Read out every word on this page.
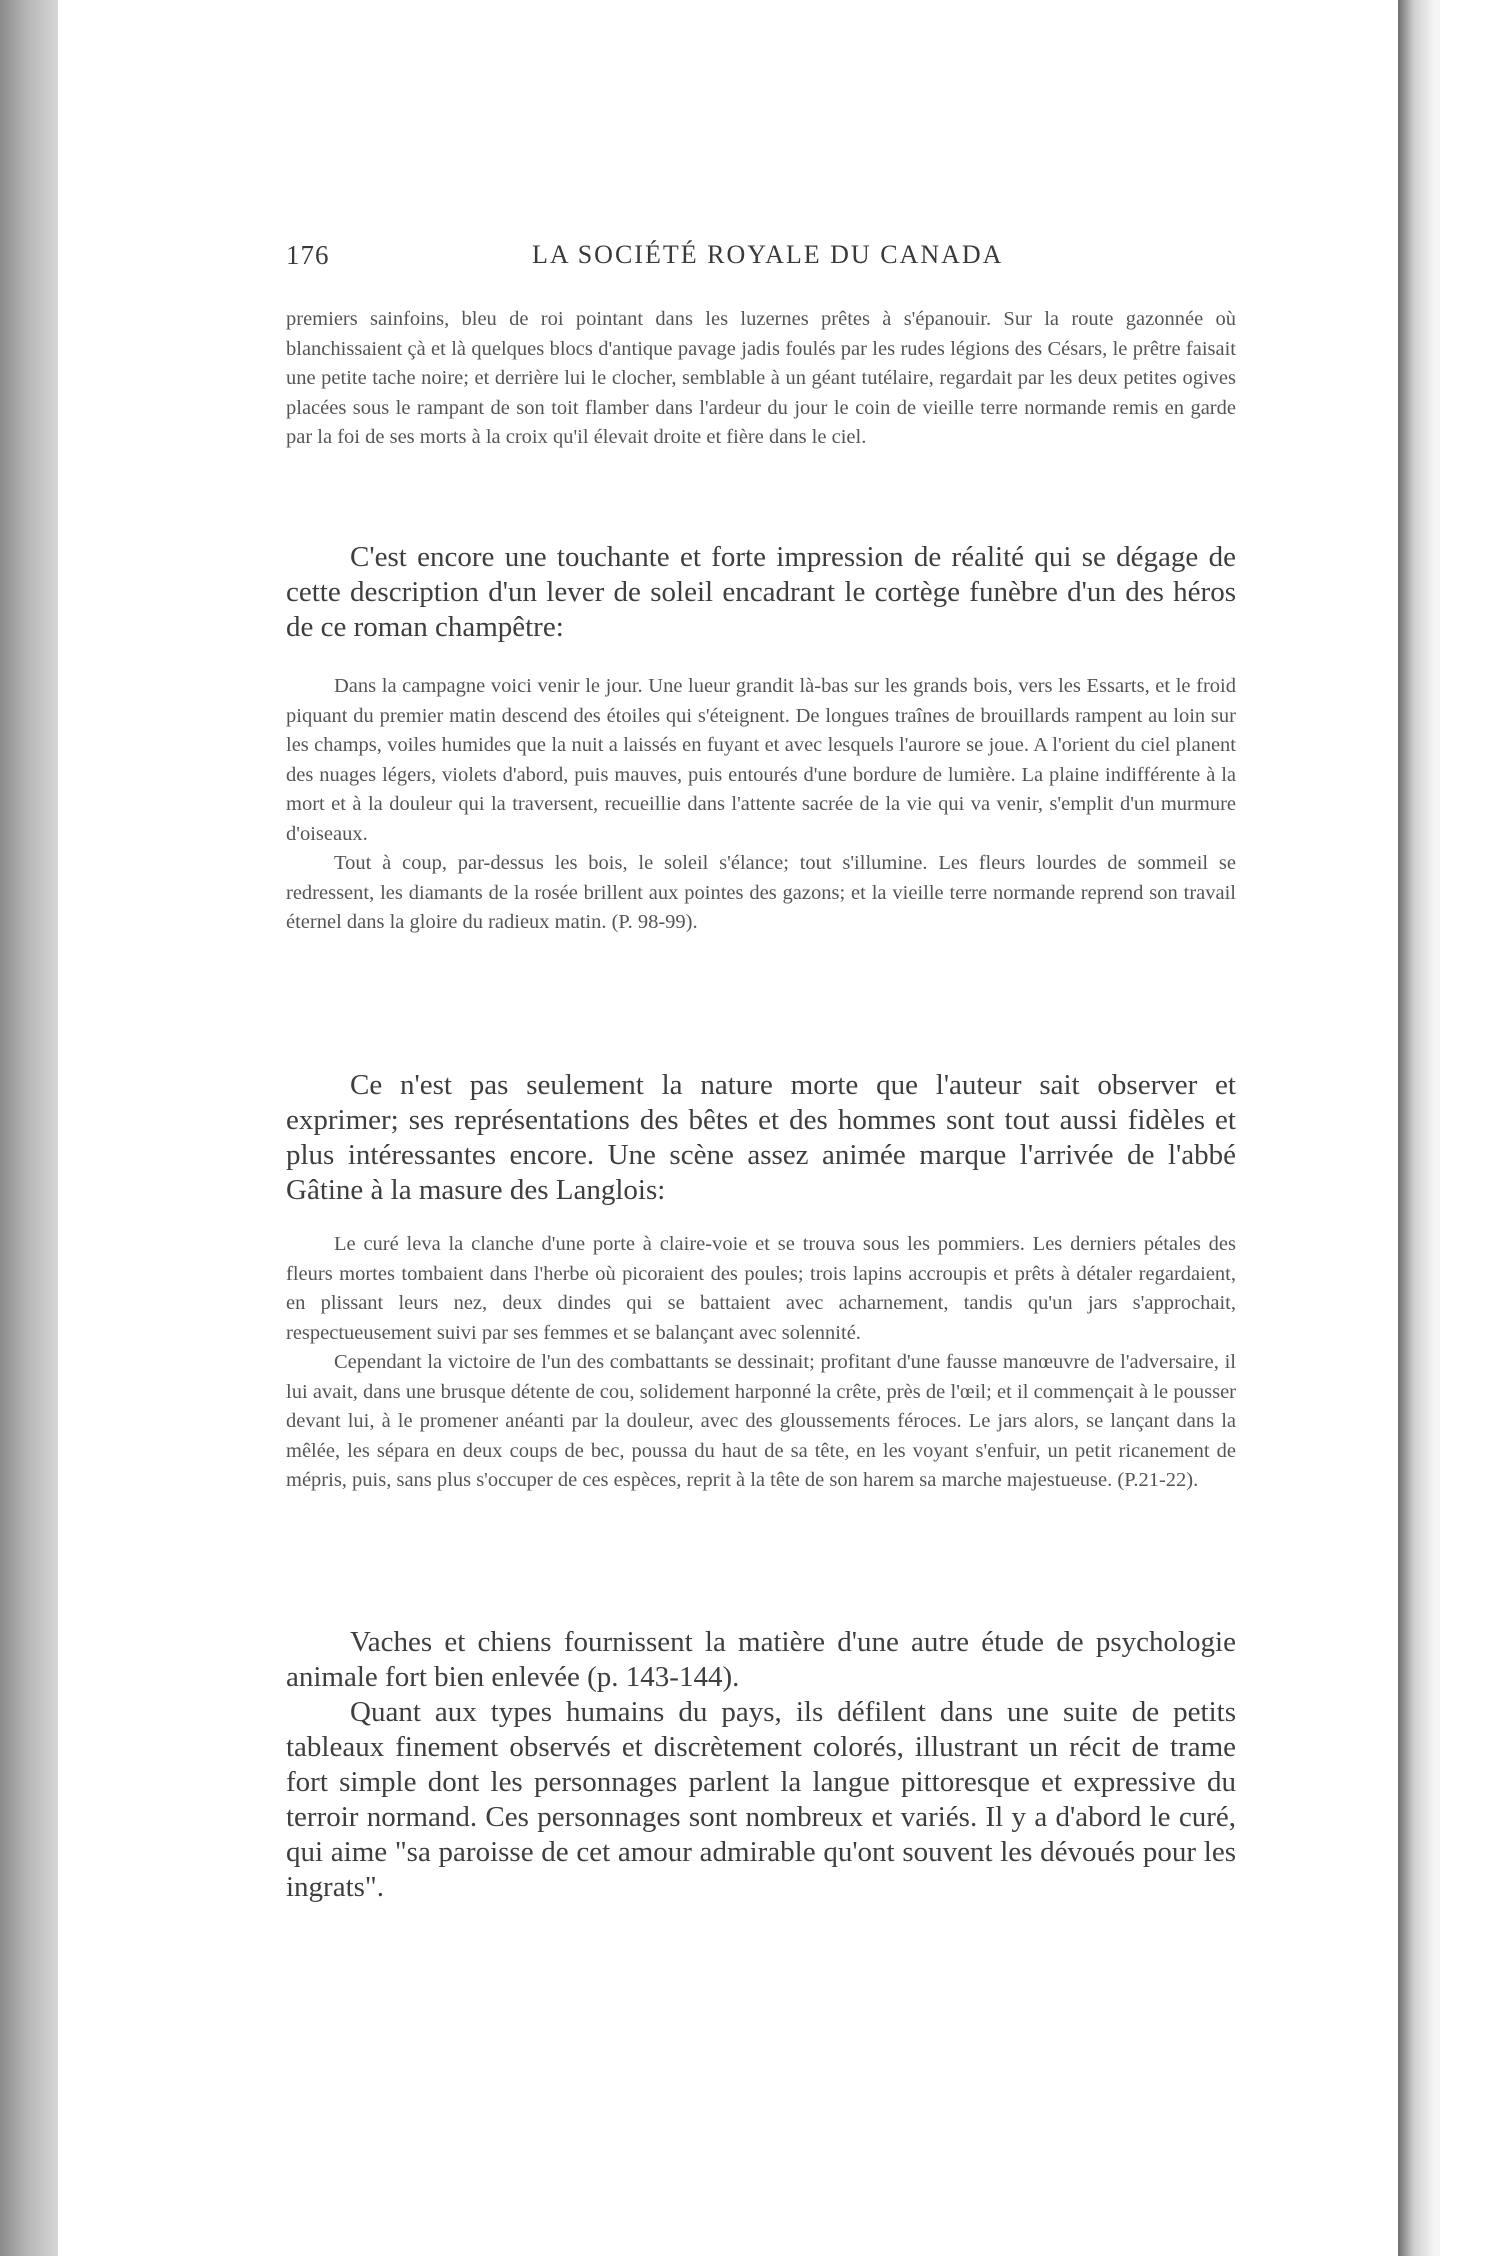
176	LA SOCIÉTÉ ROYALE DU CANADA

premiers sainfoins, bleu de roi pointant dans les luzernes prêtes à s'épanouir. Sur la route gazonnée où blanchissaient çà et là quelques blocs d'antique pavage jadis foulés par les rudes légions des Césars, le prêtre faisait une petite tache noire; et derrière lui le clocher, semblable à un géant tutélaire, regardait par les deux petites ogives placées sous le rampant de son toit flamber dans l'ardeur du jour le coin de vieille terre normande remis en garde par la foi de ses morts à la croix qu'il élevait droite et fière dans le ciel.

C'est encore une touchante et forte impression de réalité qui se dégage de cette description d'un lever de soleil encadrant le cortège funèbre d'un des héros de ce roman champêtre:

Dans la campagne voici venir le jour. Une lueur grandit là-bas sur les grands bois, vers les Essarts, et le froid piquant du premier matin descend des étoiles qui s'éteignent. De longues traînes de brouillards rampent au loin sur les champs, voiles humides que la nuit a laissés en fuyant et avec lesquels l'aurore se joue. A l'orient du ciel planent des nuages légers, violets d'abord, puis mauves, puis entourés d'une bordure de lumière. La plaine indifférente à la mort et à la douleur qui la traversent, recueillie dans l'attente sacrée de la vie qui va venir, s'emplit d'un murmure d'oiseaux.

Tout à coup, par-dessus les bois, le soleil s'élance; tout s'illumine. Les fleurs lourdes de sommeil se redressent, les diamants de la rosée brillent aux pointes des gazons; et la vieille terre normande reprend son travail éternel dans la gloire du radieux matin. (P. 98-99).

Ce n'est pas seulement la nature morte que l'auteur sait observer et exprimer; ses représentations des bêtes et des hommes sont tout aussi fidèles et plus intéressantes encore. Une scène assez animée marque l'arrivée de l'abbé Gâtine à la masure des Langlois:

Le curé leva la clanche d'une porte à claire-voie et se trouva sous les pommiers. Les derniers pétales des fleurs mortes tombaient dans l'herbe où picoraient des poules; trois lapins accroupis et prêts à détaler regardaient, en plissant leurs nez, deux dindes qui se battaient avec acharnement, tandis qu'un jars s'approchait, respectueusement suivi par ses femmes et se balançant avec solennité.

Cependant la victoire de l'un des combattants se dessinait; profitant d'une fausse manœuvre de l'adversaire, il lui avait, dans une brusque détente de cou, solidement harponné la crête, près de l'œil; et il commençait à le pousser devant lui, à le promener anéanti par la douleur, avec des gloussements féroces. Le jars alors, se lançant dans la mêlée, les sépara en deux coups de bec, poussa du haut de sa tête, en les voyant s'enfuir, un petit ricanement de mépris, puis, sans plus s'occuper de ces espèces, reprit à la tête de son harem sa marche majestueuse. (P.21-22).

Vaches et chiens fournissent la matière d'une autre étude de psychologie animale fort bien enlevée (p. 143-144).

Quant aux types humains du pays, ils défilent dans une suite de petits tableaux finement observés et discrètement colorés, illustrant un récit de trame fort simple dont les personnages parlent la langue pittoresque et expressive du terroir normand. Ces personnages sont nombreux et variés. Il y a d'abord le curé, qui aime "sa paroisse de cet amour admirable qu'ont souvent les dévoués pour les ingrats".
